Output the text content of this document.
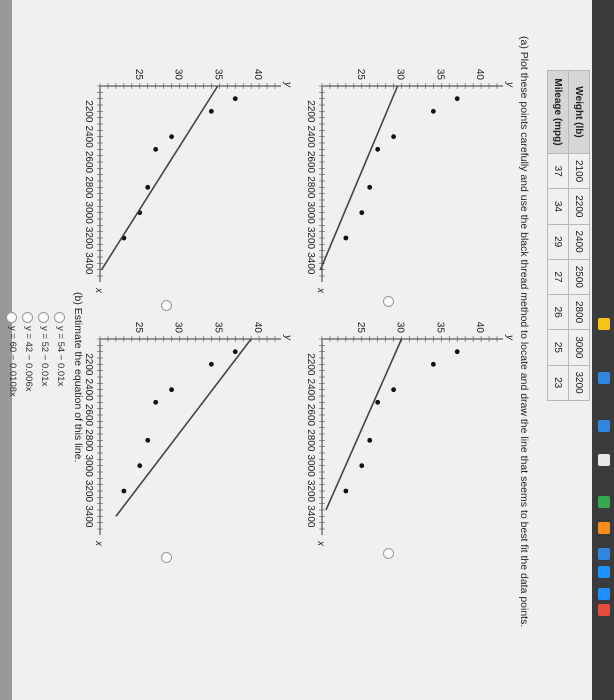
Weight (lb)	2100	2200	2400	2500	2800	3000	3200
Mileage (mpg)	37	34	29	27	26	25	23
(a) Plot these points carefully and use the black thread method to locate and draw the line that seems to best fit the data points.
2200
2400
2600
2800
3000
3200
3400
40
35
30
25
x
y
2200
2400
2600
2800
3000
3200
3400
40
35
30
25
x
y
2200
2400
2600
2800
3000
3200
3400
40
35
30
25
x
y
2200
2400
2600
2800
3000
3200
3400
40
35
30
25
x
y
(b) Estimate the equation of this line.
y = 54 − 0.01x
y = 52 − 0.01x
y = 42 − 0.006x
y = 60 − 0.0108x
